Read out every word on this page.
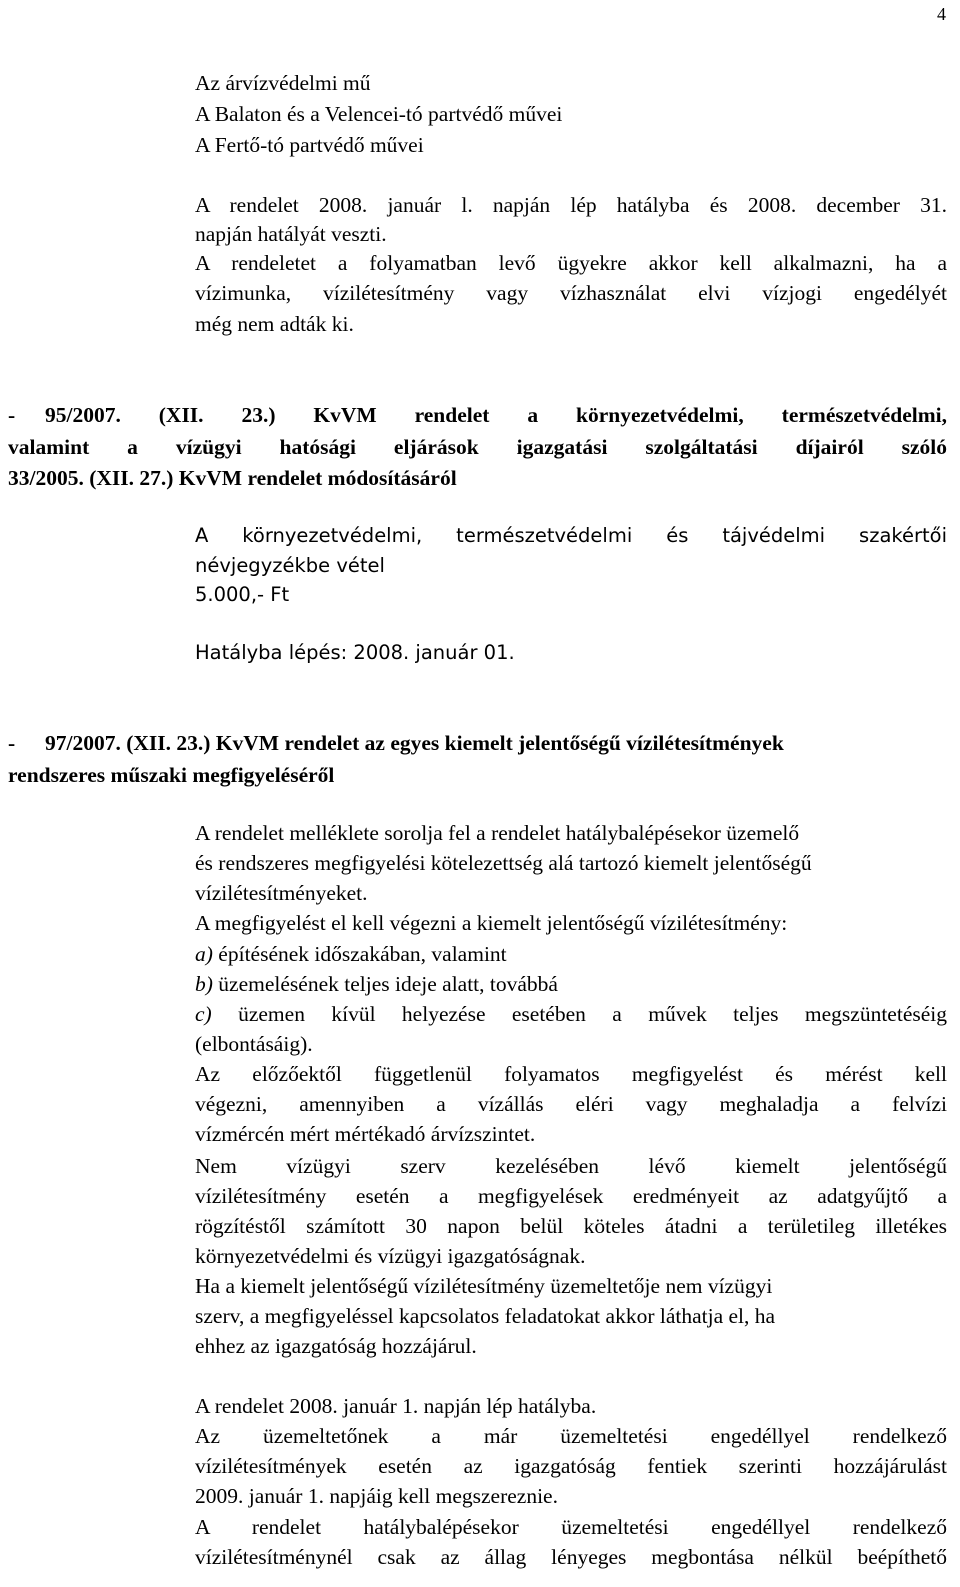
4
Az árvízvédelmi mű
A Balaton és a Velencei-tó partvédő művei
A Fertő-tó partvédő művei
A rendelet 2008. január l. napján lép hatályba és 2008. december 31.
napján hatályát veszti.
A rendeletet a folyamatban levő ügyekre akkor kell alkalmazni, ha a
vízimunka, vízilétesítmény vagy vízhasználat elvi vízjogi engedélyét
még nem adták ki.
- 95/2007. (XII. 23.) KvVM rendelet a környezetvédelmi, természetvédelmi,
valamint a vízügyi hatósági eljárások igazgatási szolgáltatási díjairól szóló
33/2005. (XII. 27.) KvVM rendelet módosításáról
A környezetvédelmi, természetvédelmi és tájvédelmi szakértői
névjegyzékbe vétel
5.000,- Ft
Hatályba lépés: 2008. január 01.
- 97/2007. (XII. 23.) KvVM rendelet az egyes kiemelt jelentőségű vízilétesítmények
rendszeres műszaki megfigyeléséről
A rendelet melléklete sorolja fel a rendelet hatálybalépésekor üzemelő
és rendszeres megfigyelési kötelezettség alá tartozó kiemelt jelentőségű
vízilétesítményeket.
A megfigyelést el kell végezni a kiemelt jelentőségű vízilétesítmény:
a) építésének időszakában, valamint
b) üzemelésének teljes ideje alatt, továbbá
c) üzemen kívül helyezése esetében a művek teljes megszüntetéséig
(elbontásáig).
Az előzőektől függetlenül folyamatos megfigyelést és mérést kell
végezni, amennyiben a vízállás eléri vagy meghaladja a felvízi
vízmércén mért mértékadó árvízszintet.
Nem vízügyi szerv kezelésében lévő kiemelt jelentőségű
vízilétesítmény esetén a megfigyelések eredményeit az adatgyűjtő a
rögzítéstől számított 30 napon belül köteles átadni a területileg illetékes
környezetvédelmi és vízügyi igazgatóságnak.
Ha a kiemelt jelentőségű vízilétesítmény üzemeltetője nem vízügyi
szerv, a megfigyeléssel kapcsolatos feladatokat akkor láthatja el, ha
ehhez az igazgatóság hozzájárul.
A rendelet 2008. január 1. napján lép hatályba.
Az üzemeltetőnek a már üzemeltetési engedéllyel rendelkező
vízilétesítmények esetén az igazgatóság fentiek szerinti hozzájárulást
2009. január 1. napjáig kell megszereznie.
A rendelet hatálybalépésekor üzemeltetési engedéllyel rendelkező
vízilétesítménynél csak az állag lényeges megbontása nélkül beépíthető
